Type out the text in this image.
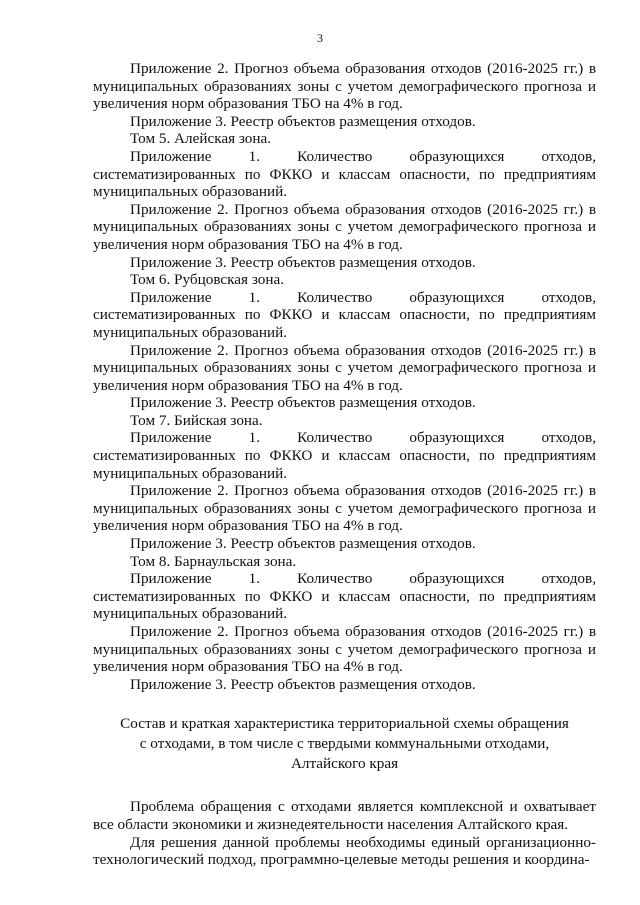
3

Приложение 2. Прогноз объема образования отходов (2016-2025 гг.) в муниципальных образованиях зоны с учетом демографического прогноза и увеличения норм образования ТБО на 4% в год.

Приложение 3. Реестр объектов размещения отходов.

Том 5. Алейская зона.

Приложение 1. Количество образующихся отходов, систематизированных по ФККО и классам опасности, по предприятиям муниципальных образований.

Приложение 2. Прогноз объема образования отходов (2016-2025 гг.) в муниципальных образованиях зоны с учетом демографического прогноза и увеличения норм образования ТБО на 4% в год.

Приложение 3. Реестр объектов размещения отходов.

Том 6. Рубцовская зона.

Приложение 1. Количество образующихся отходов, систематизированных по ФККО и классам опасности, по предприятиям муниципальных образований.

Приложение 2. Прогноз объема образования отходов (2016-2025 гг.) в муниципальных образованиях зоны с учетом демографического прогноза и увеличения норм образования ТБО на 4% в год.

Приложение 3. Реестр объектов размещения отходов.

Том 7. Бийская зона.

Приложение 1. Количество образующихся отходов, систематизированных по ФККО и классам опасности, по предприятиям муниципальных образований.

Приложение 2. Прогноз объема образования отходов (2016-2025 гг.) в муниципальных образованиях зоны с учетом демографического прогноза и увеличения норм образования ТБО на 4% в год.

Приложение 3. Реестр объектов размещения отходов.

Том 8. Барнаульская зона.

Приложение 1. Количество образующихся отходов, систематизированных по ФККО и классам опасности, по предприятиям муниципальных образований.

Приложение 2. Прогноз объема образования отходов (2016-2025 гг.) в муниципальных образованиях зоны с учетом демографического прогноза и увеличения норм образования ТБО на 4% в год.

Приложение 3. Реестр объектов размещения отходов.

Состав и краткая характеристика территориальной схемы обращения
с отходами, в том числе с твердыми коммунальными отходами,
Алтайского края

Проблема обращения с отходами является комплексной и охватывает все области экономики и жизнедеятельности населения Алтайского края.

Для решения данной проблемы необходимы единый организационно-технологический подход, программно-целевые методы решения и координа-
